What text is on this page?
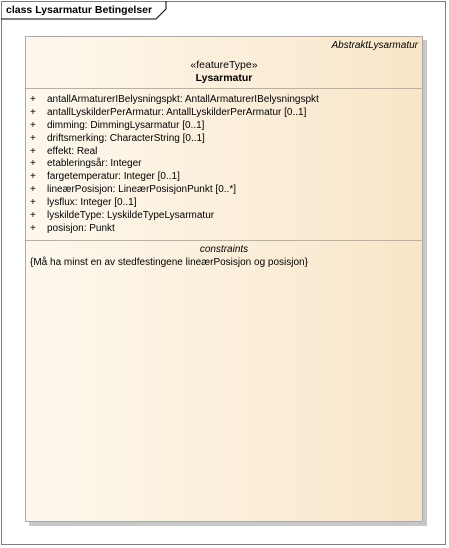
class Lysarmatur Betingelser
AbstraktLysarmatur
«featureType»
Lysarmatur
+ antallArmaturerIBelysningspkt: AntallArmaturerIBelysningspkt
+ antallLyskilderPerArmatur: AntallLyskilderPerArmatur [0..1]
+ dimming: DimmingLysarmatur [0..1]
+ driftsmerking: CharacterString [0..1]
+ effekt: Real
+ etableringsår: Integer
+ fargetemperatur: Integer [0..1]
+ lineærPosisjon: LineærPosisjonPunkt [0..*]
+ lysflux: Integer [0..1]
+ lyskildeType: LyskildeTypeLysarmatur
+ posisjon: Punkt
constraints
{Må ha minst en av stedfestingene lineærPosisjon og posisjon}
